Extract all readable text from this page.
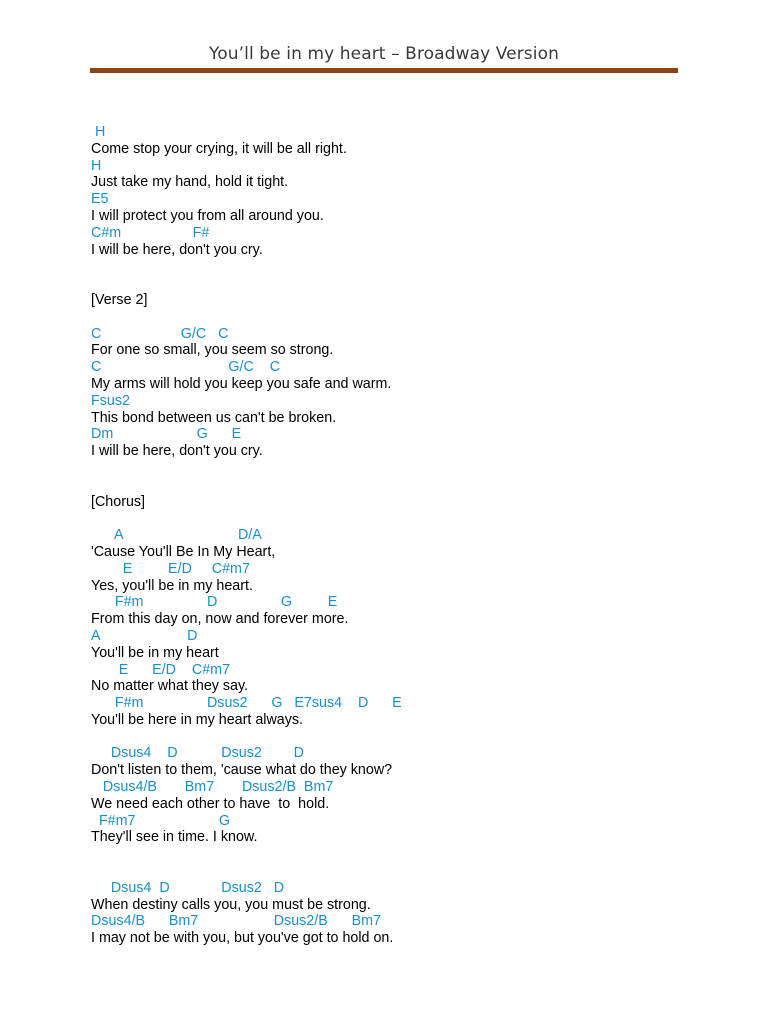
You’ll be in my heart – Broadway Version
H
Come stop your crying, it will be all right.
H
Just take my hand, hold it tight.
E5
I will protect you from all around you.
C#m                  F#
I will be here, don't you cry.
[Verse 2]
C                    G/C   C
For one so small, you seem so strong.
C                                G/C    C
My arms will hold you keep you safe and warm.
Fsus2
This bond between us can't be broken.
Dm                     G      E
I will be here, don't you cry.
[Chorus]
A                             D/A
'Cause You'll Be In My Heart,
E         E/D     C#m7
Yes, you'll be in my heart.
F#m                D                G         E
From this day on, now and forever more.
A                      D
You'll be in my heart
E      E/D    C#m7
No matter what they say.
F#m                Dsus2      G   E7sus4    D      E
You'll be here in my heart always.
Dsus4    D           Dsus2        D
Don't listen to them, 'cause what do they know?
Dsus4/B       Bm7       Dsus2/B  Bm7
We need each other to have  to  hold.
F#m7                     G
They'll see in time. I know.
Dsus4  D             Dsus2   D
When destiny calls you, you must be strong.
Dsus4/B      Bm7                   Dsus2/B      Bm7
I may not be with you, but you've got to hold on.
